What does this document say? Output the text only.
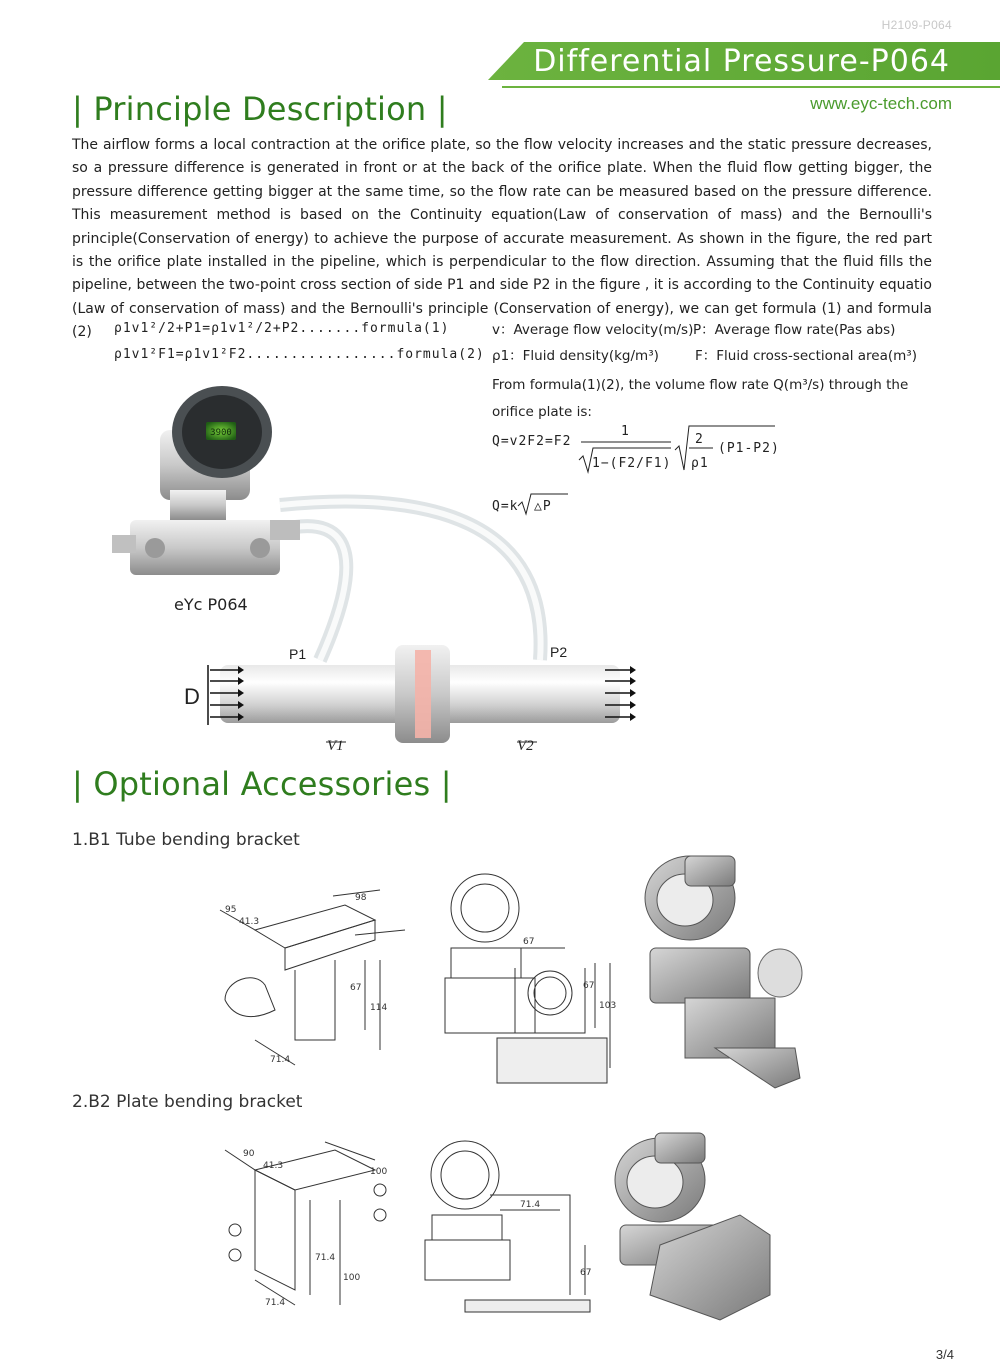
H2109-P064
Differential Pressure-P064
www.eyc-tech.com
| Principle Description |

The airflow forms a local contraction at the orifice plate, so the flow velocity increases and the static pressure decreases, so a pressure difference is generated in front or at the back of the orifice plate. When the fluid flow getting bigger, the pressure difference getting bigger at the same time, so the flow rate can be measured based on the pressure difference. This measurement method is based on the Continuity equation(Law of conservation of mass) and the Bernoulli's principle(Conservation of energy) to achieve the purpose of accurate measurement. As shown in the figure, the red part is the orifice plate installed in the pipeline, which is perpendicular to the flow direction. Assuming that the fluid fills the pipeline, between the two-point cross section of side P1 and side P2 in the figure , it is according to the Continuity equatio (Law of conservation of mass) and the Bernoulli's principle (Conservation of energy), we can get formula (1) and formula (2)	ρ1v1²/2+P1=ρ1v1²/2+P2.......formula(1)
ρ1v1²F1=ρ1v1²F2.................formula(2)
v：Average flow velocity(m/s) P：Average flow rate(Pas abs)
ρ1：Fluid density(kg/m³)	F：Fluid cross-sectional area(m³)
From formula(1)(2), the volume flow rate Q(m³/s) through the
orifice plate is:
Q=v2F2=F2
1
1−(F2/F1)
2
ρ1
(P1-P2)
Q=k △P
3900
eYc P064
P1	P2
D
V1	V2
| Optional Accessories |
1.B1 Tube bending bracket
2.B2 Plate bending bracket
95
41.3
98
67
114
71.4
67
67
103
90
41.3
100
71.4
100
71.4
71.4
67
3/4
